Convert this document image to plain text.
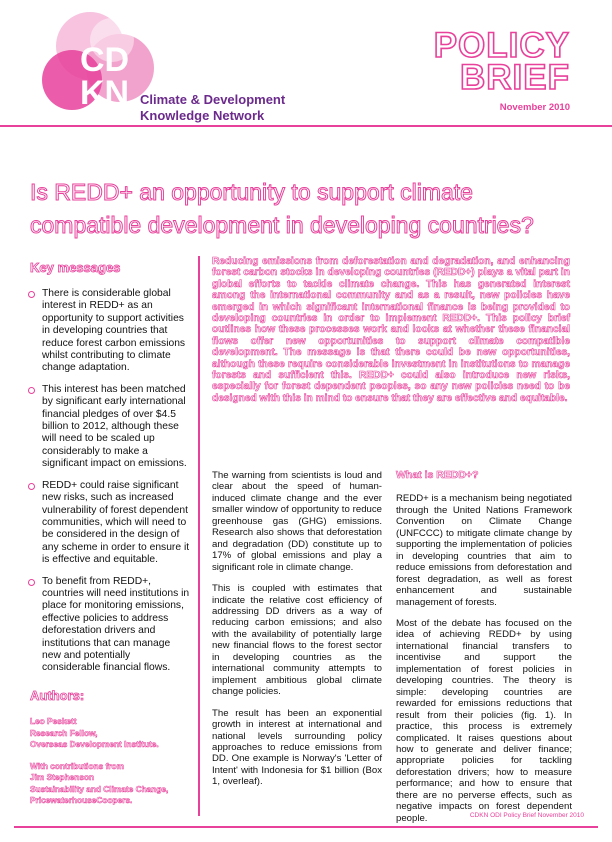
CD
KN Climate & Development
Knowledge Network
POLICY
BRIEF
November 2010
Is REDD+ an opportunity to support climate compatible development in developing countries?
Key messages
There is considerable global interest in REDD+ as an opportunity to support activities in developing countries that reduce forest carbon emissions whilst contributing to climate change adaptation.
This interest has been matched by significant early international financial pledges of over $4.5 billion to 2012, although these will need to be scaled up considerably to make a significant impact on emissions.
REDD+ could raise significant new risks, such as increased vulnerability of forest dependent communities, which will need to be considered in the design of any scheme in order to ensure it is effective and equitable.
To benefit from REDD+, countries will need institutions in place for monitoring emissions, effective policies to address deforestation drivers and institutions that can manage new and potentially considerable financial flows.
Authors:
Leo Peskett
Research Fellow,
Overseas Development Institute.
With contributions from
Jim Stephenson
Sustainability and Climate Change,
PricewaterhouseCoopers.
Reducing emissions from deforestation and degradation, and enhancing forest carbon stocks in developing countries (REDD+) plays a vital part in global efforts to tackle climate change. This has generated interest among the international community and as a result, new policies have emerged in which significant international finance is being provided to developing countries in order to implement REDD+. This policy brief outlines how these processes work and looks at whether these financial flows offer new opportunities to support climate compatible development. The message is that there could be new opportunities, although these require considerable investment in institutions to manage forests and sufficient this. REDD+ could also introduce new risks, especially for forest dependent peoples, so any new policies need to be designed with this in mind to ensure that they are effective and equitable.

The warning from scientists is loud and clear about the speed of human-induced climate change and the ever smaller window of opportunity to reduce greenhouse gas (GHG) emissions. Research also shows that deforestation and degradation (DD) constitute up to 17% of global emissions and play a significant role in climate change.

This is coupled with estimates that indicate the relative cost efficiency of addressing DD drivers as a way of reducing carbon emissions; and also with the availability of potentially large new financial flows to the forest sector in developing countries as the international community attempts to implement ambitious global climate change policies.

The result has been an exponential growth in interest at international and national levels surrounding policy approaches to reduce emissions from DD. One example is Norway's 'Letter of Intent' with Indonesia for $1 billion (Box 1, overleaf).

What is REDD+?

REDD+ is a mechanism being negotiated through the United Nations Framework Convention on Climate Change (UNFCCC) to mitigate climate change by supporting the implementation of policies in developing countries that aim to reduce emissions from deforestation and forest degradation, as well as forest enhancement and sustainable management of forests.

Most of the debate has focused on the idea of achieving REDD+ by using international financial transfers to incentivise and support the implementation of forest policies in developing countries. The theory is simple: developing countries are rewarded for emissions reductions that result from their policies (fig. 1). In practice, this process is extremely complicated. It raises questions about how to generate and deliver finance; appropriate policies for tackling deforestation drivers; how to measure performance; and how to ensure that there are no perverse effects, such as negative impacts on forest dependent people.	CDKN ODI Policy Brief November 2010
